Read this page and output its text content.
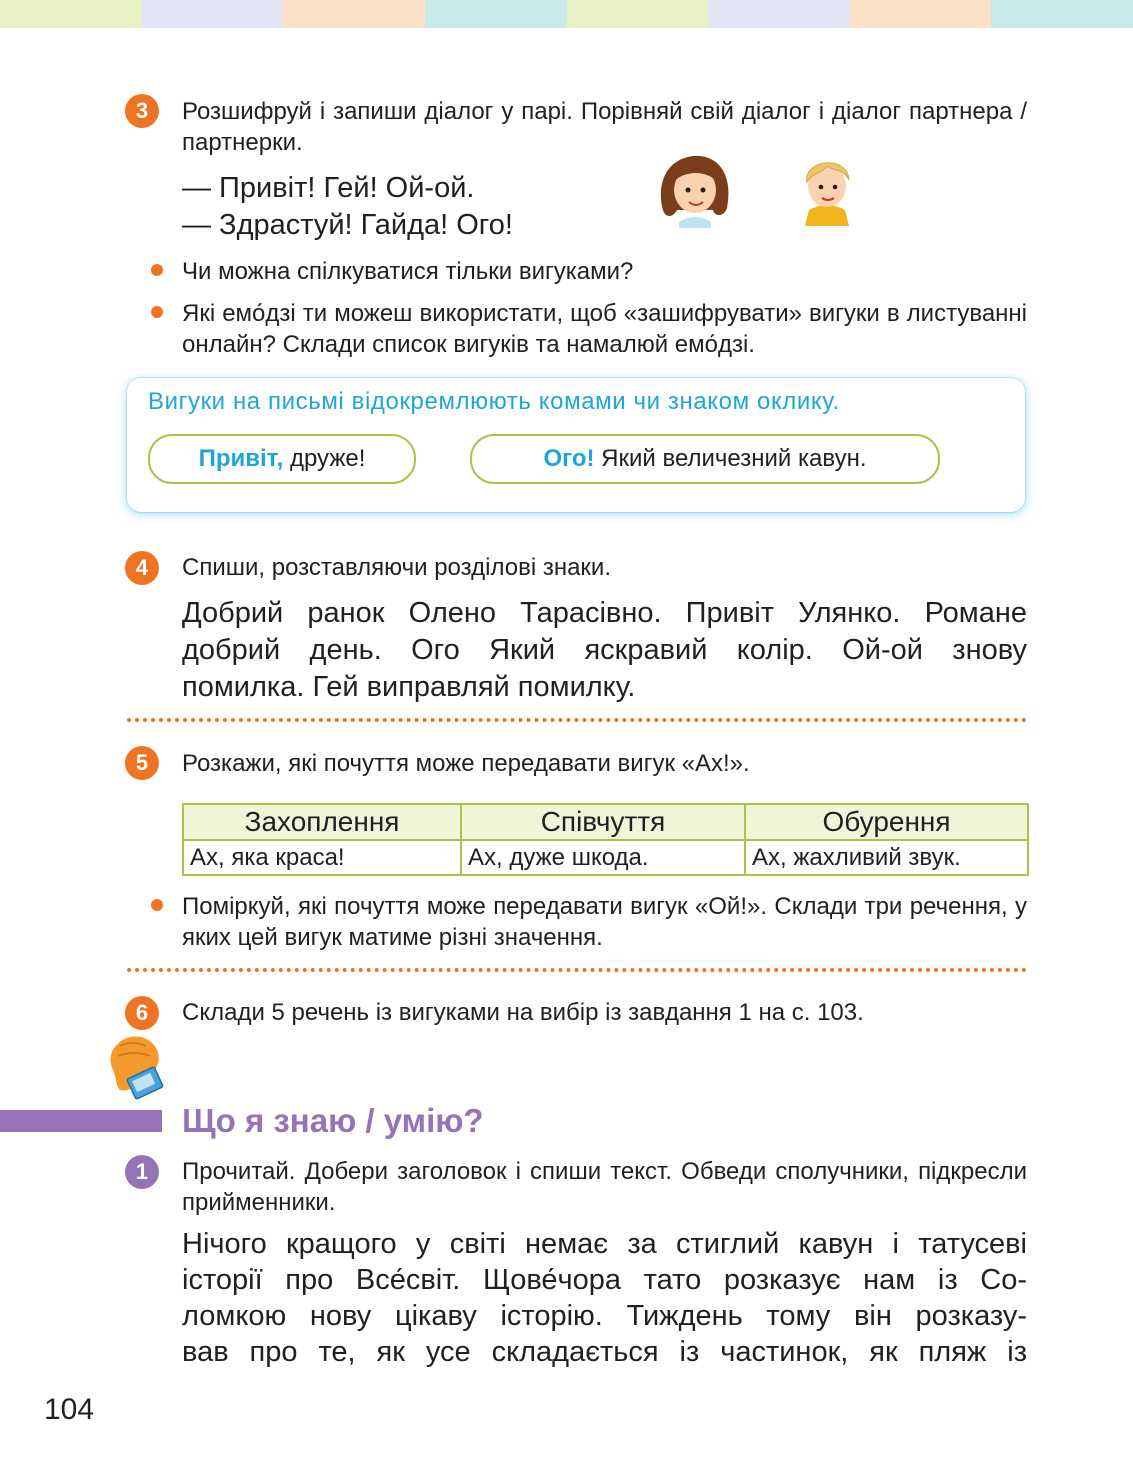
3	Розшифруй і запиши діалог у парі. Порівняй свій діалог і діалог партнера / партнерки.
— Привіт! Гей! Ой-ой.
— Здрастуй! Гайда! Ого!
Чи можна спілкуватися тільки вигуками?
Які емо́дзі ти можеш використати, щоб «зашифрувати» вигуки в листуванні онлайн? Склади список вигуків та намалюй емо́дзі.
Вигуки на письмі відокремлюють комами чи знаком оклику.
Привіт, друже!	Ого! Який величезний кавун.
4	Спиши, розставляючи розділові знаки.
Добрий ранок Олено Тарасівно. Привіт Улянко. Романе
добрий день. Ого Який яскравий колір. Ой-ой знову
помилка. Гей виправляй помилку.
5	Розкажи, які почуття може передавати вигук «Ах!».
Захоплення	Співчуття	Обурення
Ах, яка краса!	Ах, дуже шкода.	Ах, жахливий звук.
Поміркуй, які почуття може передавати вигук «Ой!». Склади три речення, у яких цей вигук матиме різні значення.
6	Склади 5 речень із вигуками на вибір із завдання 1 на с. 103.
Що я знаю / умію?
1	Прочитай. Добери заголовок і спиши текст. Обведи сполучники, підкресли прийменники.
Нічого кращого у світі немає за стиглий кавун і татусеві
історії про Все́світ. Щове́чора тато розказує нам із Со-
ломкою нову цікаву історію. Тиждень тому він розказу-
вав про те, як усе складається із частинок, як пляж із
104
